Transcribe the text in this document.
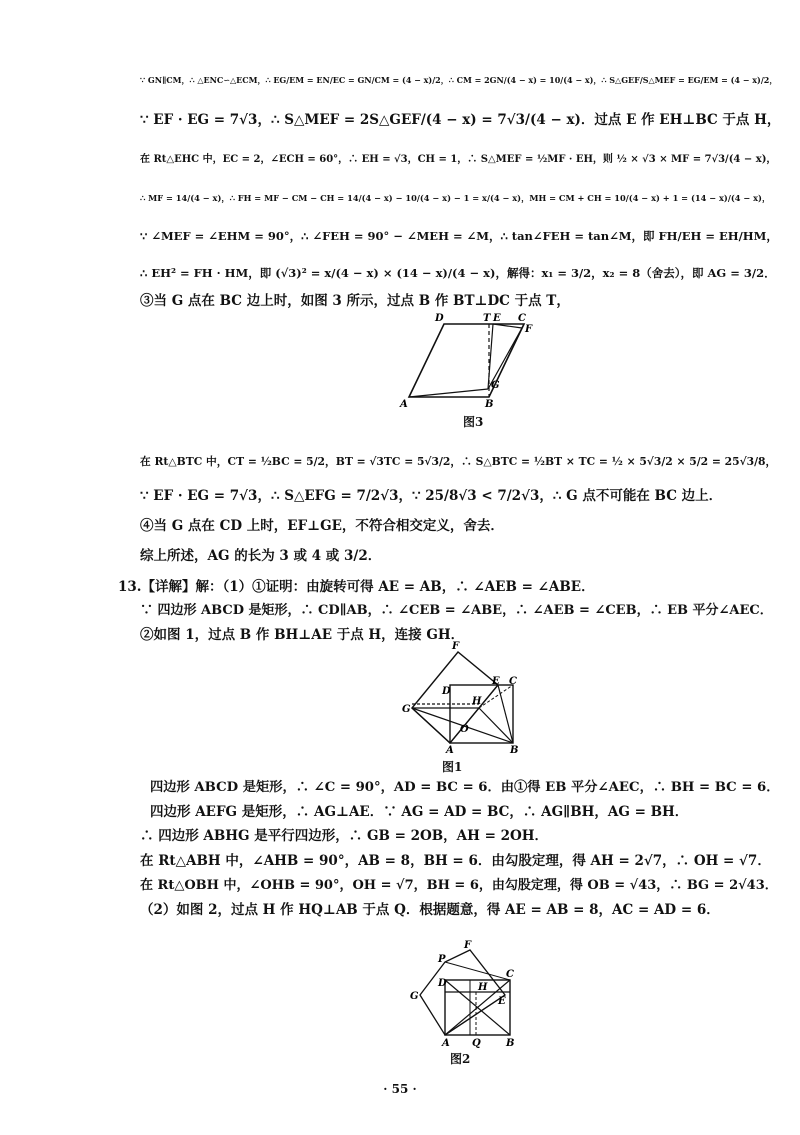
∵ GN∥CM，∴ △ENC∽△ECM，∴ EG/EM = EN/EC = GN/CM = (4 − x)/2，∴ CM = 2GN/(4 − x) = 10/(4 − x)，∴ S△GEF/S△MEF = EG/EM = (4 − x)/2，
∵ EF · EG = 7√3，∴ S△MEF = 2S△GEF/(4 − x) = 7√3/(4 − x)．过点 E 作 EH⊥BC 于点 H，
在 Rt△EHC 中，EC = 2，∠ECH = 60°，∴ EH = √3，CH = 1，∴ S△MEF = ½MF · EH，则 ½ × √3 × MF = 7√3/(4 − x)，
∴ MF = 14/(4 − x)，∴ FH = MF − CM − CH = 14/(4 − x) − 10/(4 − x) − 1 = x/(4 − x)，MH = CM + CH = 10/(4 − x) + 1 = (14 − x)/(4 − x)，
∵ ∠MEF = ∠EHM = 90°，∴ ∠FEH = 90° − ∠MEH = ∠M，∴ tan∠FEH = tan∠M，即 FH/EH = EH/HM，
∴ EH² = FH · HM，即 (√3)² = x/(4 − x) × (14 − x)/(4 − x)，解得：x₁ = 3/2，x₂ = 8（舍去），即 AG = 3/2．
③当 G 点在 BC 边上时，如图 3 所示，过点 B 作 BT⊥DC 于点 T，
D	T E C
F
G
A	B
图3
在 Rt△BTC 中，CT = ½BC = 5/2，BT = √3TC = 5√3/2，∴ S△BTC = ½BT × TC = ½ × 5√3/2 × 5/2 = 25√3/8，
∵ EF · EG = 7√3，∴ S△EFG = 7/2√3，∵ 25/8√3 < 7/2√3，∴ G 点不可能在 BC 边上．
④当 G 点在 CD 上时，EF⊥GE，不符合相交定义，舍去．
综上所述，AG 的长为 3 或 4 或 3/2．
13.【详解】解：（1）①证明：由旋转可得 AE = AB，∴ ∠AEB = ∠ABE．
∵ 四边形 ABCD 是矩形，∴ CD∥AB，∴ ∠CEB = ∠ABE，∴ ∠AEB = ∠CEB，∴ EB 平分∠AEC．
②如图 1，过点 B 作 BH⊥AE 于点 H，连接 GH．
F
D
E C
G
H
O
A	B
图1
四边形 ABCD 是矩形，∴ ∠C = 90°，AD = BC = 6．由①得 EB 平分∠AEC，∴ BH = BC = 6．
四边形 AEFG 是矩形，∴ AG⊥AE．∵ AG = AD = BC，∴ AG∥BH，AG = BH．
∴ 四边形 ABHG 是平行四边形，∴ GB = 2OB，AH = 2OH．
在 Rt△ABH 中，∠AHB = 90°，AB = 8，BH = 6．由勾股定理，得 AH = 2√7，∴ OH = √7．
在 Rt△OBH 中，∠OHB = 90°，OH = √7，BH = 6，由勾股定理，得 OB = √43，∴ BG = 2√43．
（2）如图 2，过点 H 作 HQ⊥AB 于点 Q．根据题意，得 AE = AB = 8，AC = AD = 6．
F
P
D
C
G
H
E
A Q	B
图2
· 55 ·
